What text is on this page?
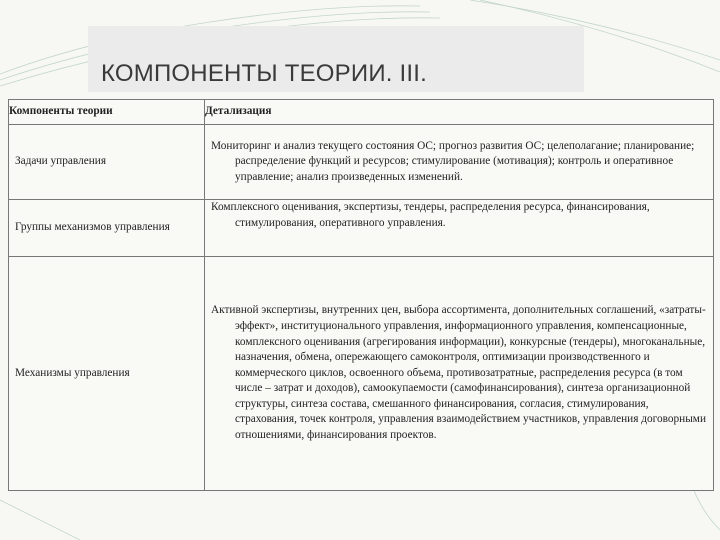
КОМПОНЕНТЫ ТЕОРИИ. III.
Компоненты теории	Детализация
Задачи управления	Мониторинг и анализ текущего состояния ОС; прогноз развития ОС; целеполагание; планирование; распределение функций и ресурсов; стимулирование (мотивация); контроль и оперативное управление; анализ произведенных изменений.

Группы механизмов управления	Комплексного оценивания, экспертизы, тендеры, распределения ресурса, финансирования, стимулирования, оперативного управления.

Механизмы управления	Активной экспертизы, внутренних цен, выбора ассортимента, дополнительных соглашений, «затраты-эффект», институционального управления, информационного управления, компенсационные, комплексного оценивания (агрегирования информации), конкурсные (тендеры), многоканальные, назначения, обмена, опережающего самоконтроля, оптимизации производственного и коммерческого циклов, освоенного объема, противозатратные, распределения ресурса (в том числе – затрат и доходов), самоокупаемости (самофинансирования), синтеза организационной структуры, синтеза состава, смешанного финансирования, согласия, стимулирования, страхования, точек контроля, управления взаимодействием участников, управления договорными отношениями, финансирования проектов.
